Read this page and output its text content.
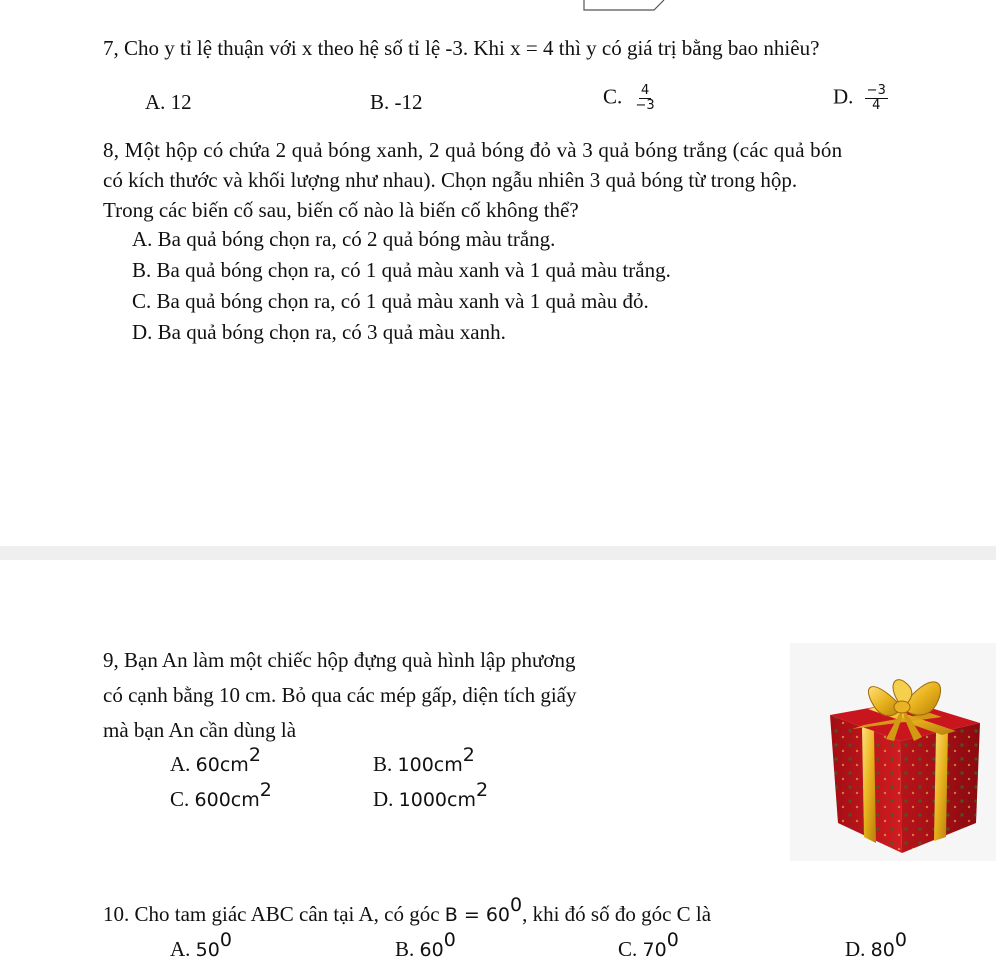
7, Cho y tỉ lệ thuận với x theo hệ số tỉ lệ -3. Khi x = 4 thì y có giá trị bằng bao nhiêu?
A. 12	B. -12	C. $\frac{4}{-3}$	D. $\frac{-3}{4}$
8, Một hộp có chứa 2 quả bóng xanh, 2 quả bóng đỏ và 3 quả bóng trắng (các quả bón
có kích thước và khối lượng như nhau). Chọn ngẫu nhiên 3 quả bóng từ trong hộp.
Trong các biến cố sau, biến cố nào là biến cố không thể?
A. Ba quả bóng chọn ra, có 2 quả bóng màu trắng.
B. Ba quả bóng chọn ra, có 1 quả màu xanh và 1 quả màu trắng.
C. Ba quả bóng chọn ra, có 1 quả màu xanh và 1 quả màu đỏ.
D. Ba quả bóng chọn ra, có 3 quả màu xanh.
9, Bạn An làm một chiếc hộp đựng quà hình lập phương
có cạnh bằng 10 cm. Bỏ qua các mép gấp, diện tích giấy
mà bạn An cần dùng là
A. $60cm^2$	B. $100cm^2$
C. $600cm^2$	D. $1000cm^2$
10. Cho tam giác ABC cân tại A, có góc $B = 60^0$, khi đó số đo góc C là
A. $50^0$	B. $60^0$	C. $70^0$	D. $80^0$
